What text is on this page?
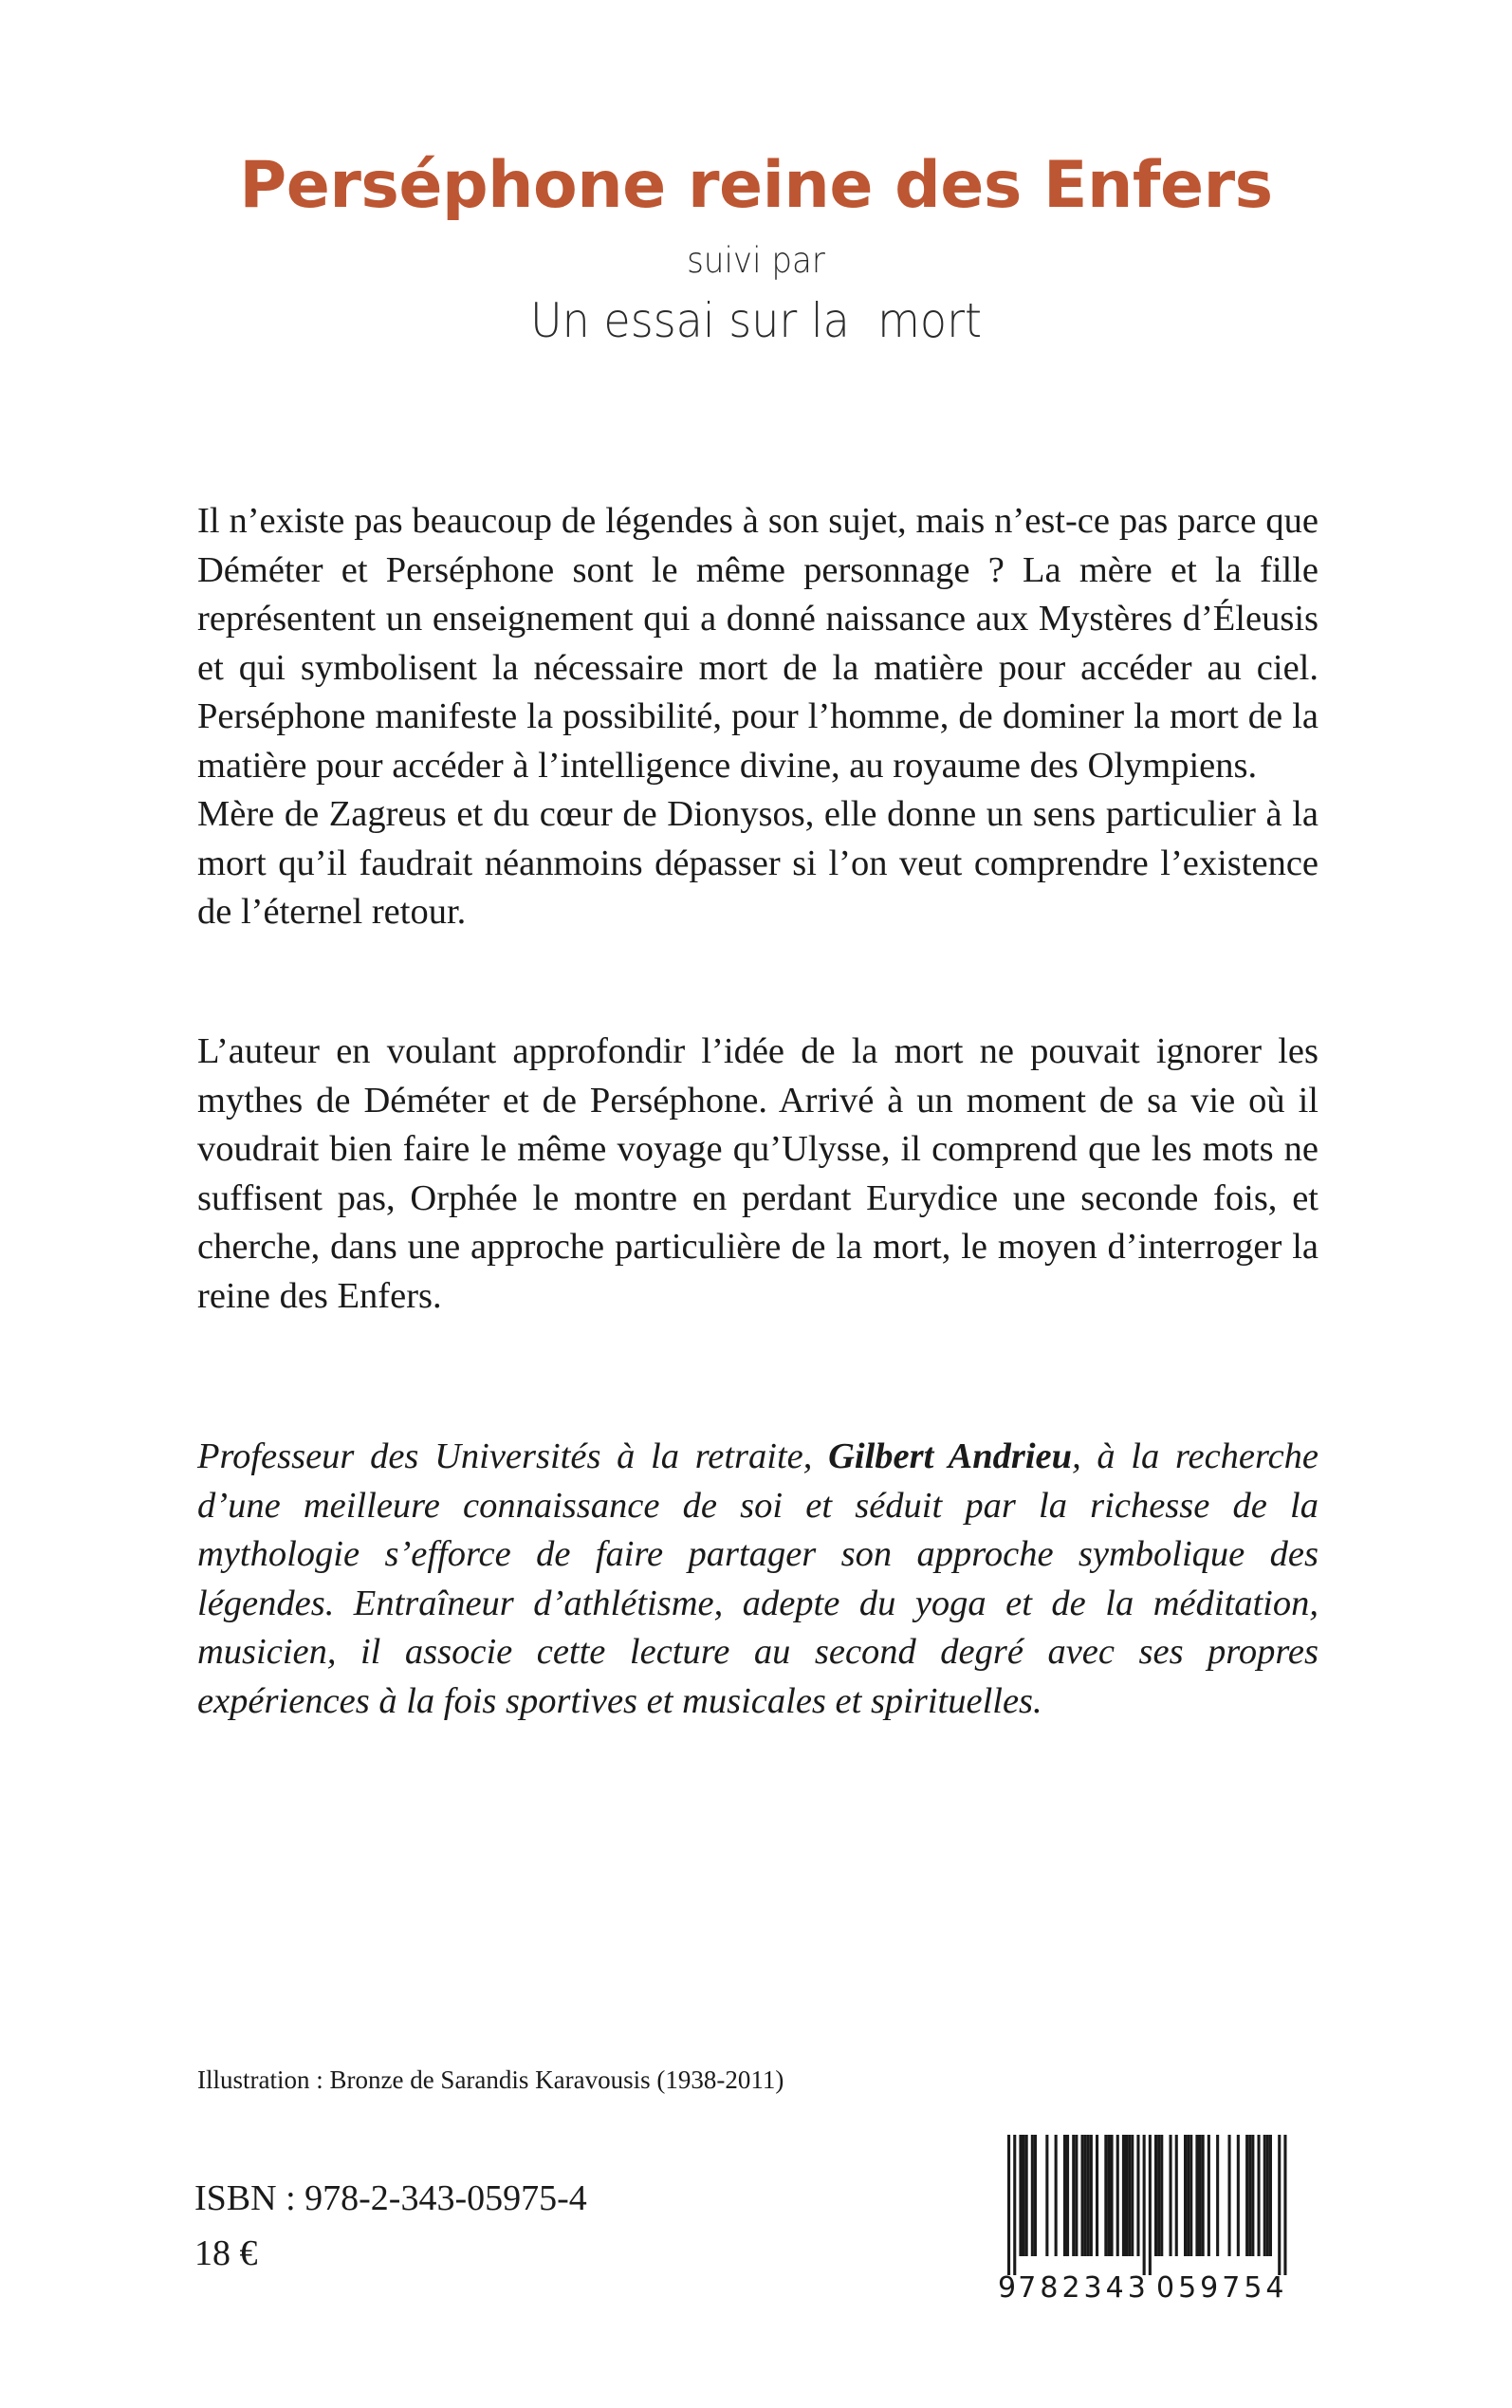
Perséphone reine des Enfers
suivi par
Un essai sur la  mort

Il n’existe pas beaucoup de légendes à son sujet, mais n’est-ce pas parce que Déméter et Perséphone sont le même personnage ? La mère et la fille représentent un enseignement qui a donné naissance aux Mystères d’Éleusis et qui symbolisent la nécessaire mort de la matière pour accéder au ciel. Perséphone manifeste la possibilité, pour l’homme, de dominer la mort de la matière pour accéder à l’intelligence divine, au royaume des Olympiens.

Mère de Zagreus et du cœur de Dionysos, elle donne un sens particulier à la mort qu’il faudrait néanmoins dépasser si l’on veut comprendre l’existence de l’éternel retour.

L’auteur en voulant approfondir l’idée de la mort ne pouvait ignorer les mythes de Déméter et de Perséphone. Arrivé à un moment de sa vie où il voudrait bien faire le même voyage qu’Ulysse, il comprend que les mots ne suffisent pas, Orphée le montre en perdant Eurydice une seconde fois, et cherche, dans une approche particulière de la mort, le moyen d’interroger la reine des Enfers.

Professeur des Universités à la retraite, Gilbert Andrieu, à la recherche d’une meilleure connaissance de soi et séduit par la richesse de la mythologie s’efforce de faire partager son approche symbolique des légendes. Entraîneur d’athlétisme, adepte du yoga et de la méditation, musicien, il associe cette lecture au second degré avec ses propres expériences à la fois sportives et musicales et spirituelles.
Illustration : Bronze de Sarandis Karavousis (1938-2011)
ISBN : 978-2-343-05975-4
18 €
9 782343 059754
